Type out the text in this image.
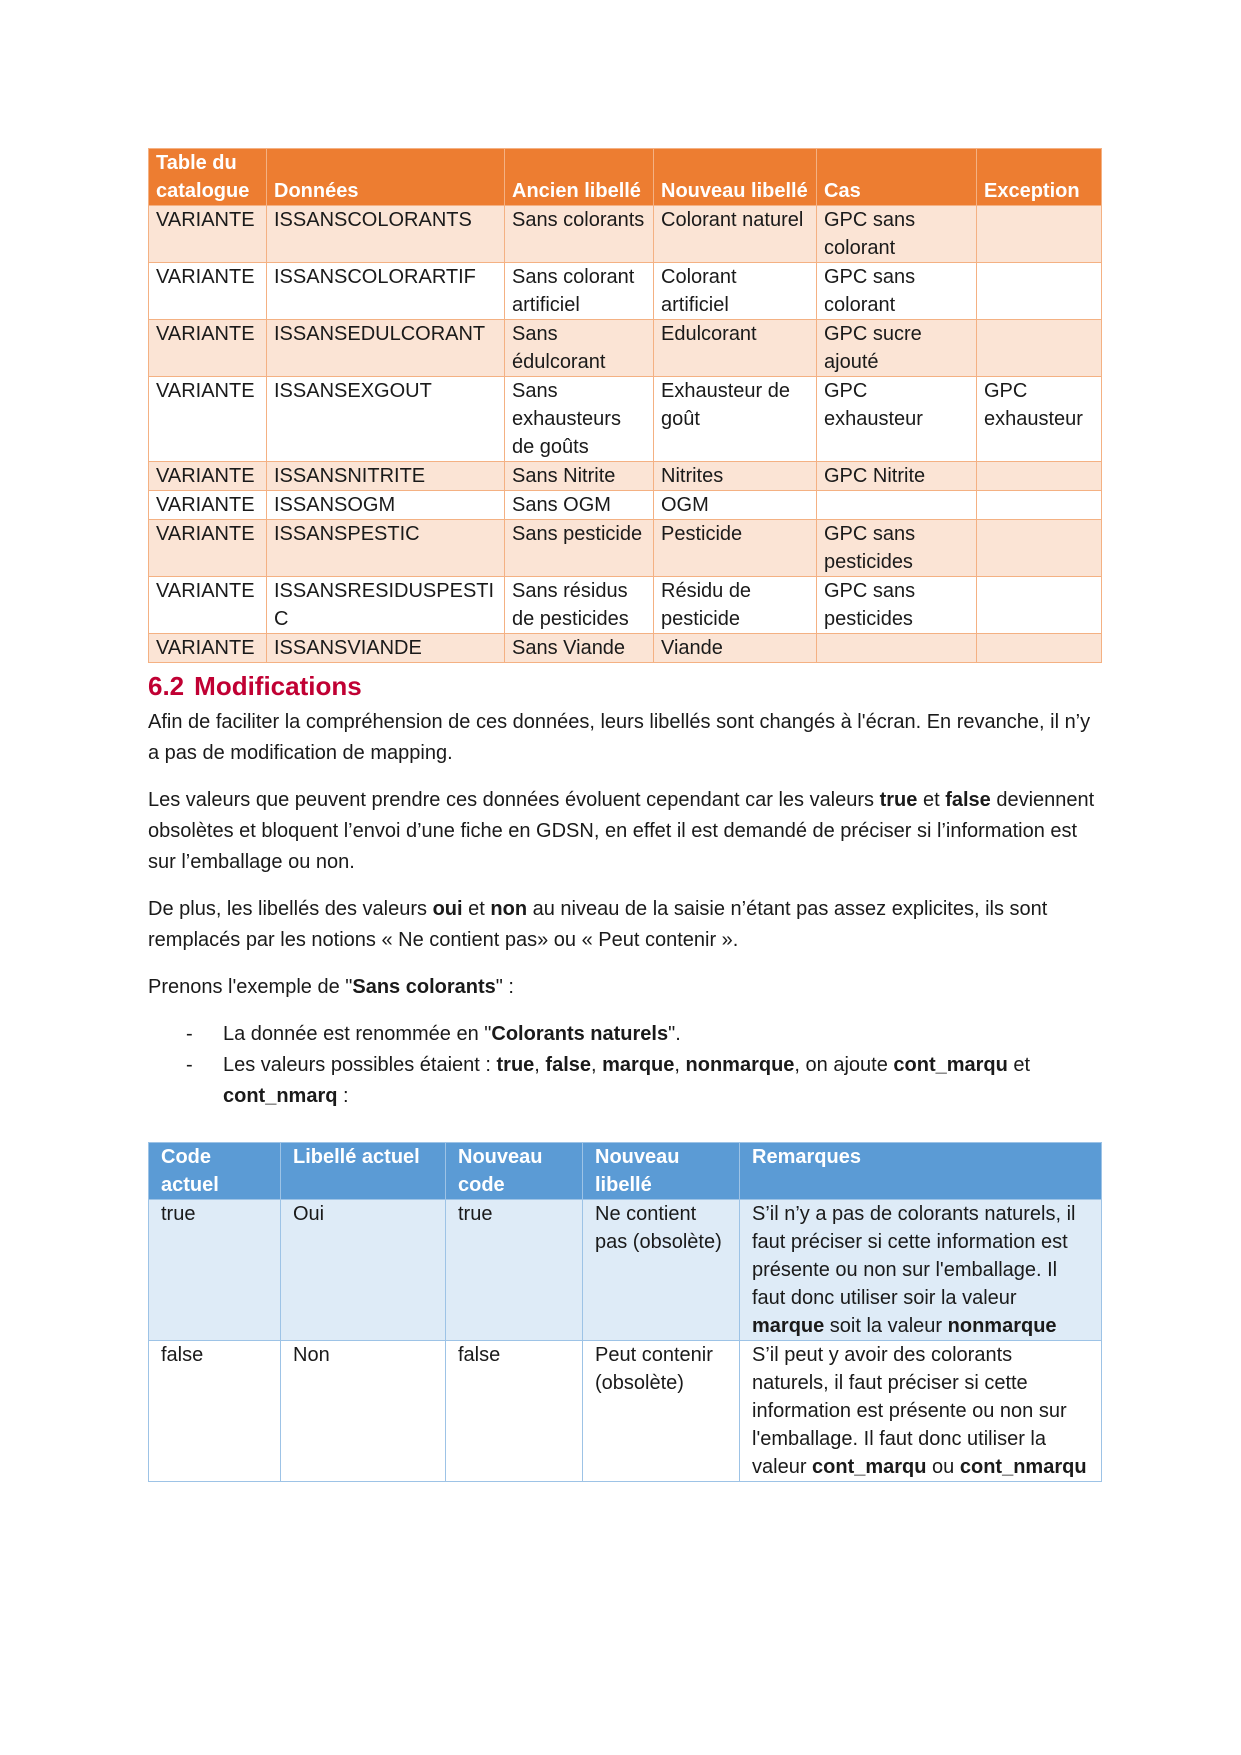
Table du catalogue	Données	Ancien libellé	Nouveau libellé	Cas	Exception
VARIANTE	ISSANSCOLORANTS	Sans colorants	Colorant naturel	GPC sans colorant	
VARIANTE	ISSANSCOLORARTIF	Sans colorant artificiel	Colorant artificiel	GPC sans colorant	
VARIANTE	ISSANSEDULCORANT	Sans édulcorant	Edulcorant	GPC sucre ajouté	
VARIANTE	ISSANSEXGOUT	Sans exhausteurs de goûts	Exhausteur de goût	GPC exhausteur	GPC exhausteur
VARIANTE	ISSANSNITRITE	Sans Nitrite	Nitrites	GPC Nitrite	
VARIANTE	ISSANSOGM	Sans OGM	OGM		
VARIANTE	ISSANSPESTIC	Sans pesticide	Pesticide	GPC sans pesticides	
VARIANTE	ISSANSRESIDUSPESTIC	Sans résidus de pesticides	Résidu de pesticide	GPC sans pesticides	
VARIANTE	ISSANSVIANDE	Sans Viande	Viande		
6.2 Modifications

Afin de faciliter la compréhension de ces données, leurs libellés sont changés à l'écran. En revanche, il n’y a pas de modification de mapping.

Les valeurs que peuvent prendre ces données évoluent cependant car les valeurs true et false deviennent obsolètes et bloquent l’envoi d’une fiche en GDSN, en effet il est demandé de préciser si l’information est sur l’emballage ou non.

De plus, les libellés des valeurs oui et non au niveau de la saisie n’étant pas assez explicites, ils sont remplacés par les notions « Ne contient pas» ou « Peut contenir ».

Prenons l'exemple de "Sans colorants" :

- La donnée est renommée en "Colorants naturels".
- Les valeurs possibles étaient : true, false, marque, nonmarque, on ajoute cont_marqu et cont_nmarq :
Code actuel	Libellé actuel	Nouveau code	Nouveau libellé	Remarques
true	Oui	true	Ne contient pas (obsolète)	S’il n’y a pas de colorants naturels, il faut préciser si cette information est présente ou non sur l'emballage. Il faut donc utiliser soir la valeur marque soit la valeur nonmarque
false	Non	false	Peut contenir (obsolète)	S’il peut y avoir des colorants naturels, il faut préciser si cette information est présente ou non sur l'emballage. Il faut donc utiliser la valeur cont_marqu ou cont_nmarqu
